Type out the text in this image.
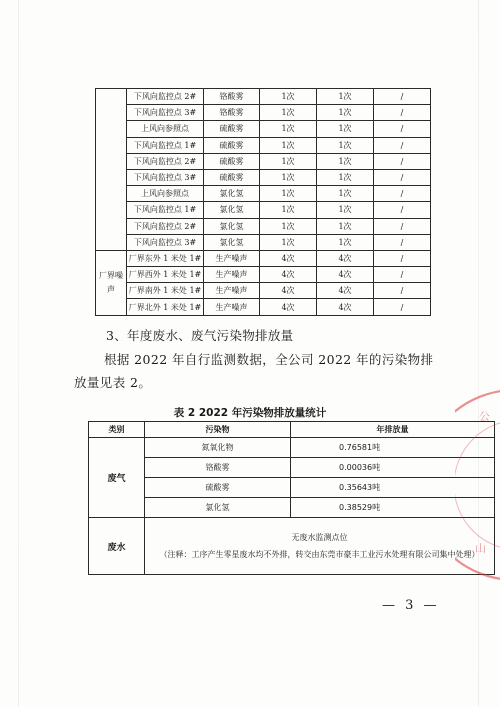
	下风向监控点 2#	铬酸雾	1次	1次	/
	下风向监控点 3#	铬酸雾	1次	1次	/
	上风向参照点	硫酸雾	1次	1次	/
	下风向监控点 1#	硫酸雾	1次	1次	/
	下风向监控点 2#	硫酸雾	1次	1次	/
	下风向监控点 3#	硫酸雾	1次	1次	/
	上风向参照点	氯化氢	1次	1次	/
	下风向监控点 1#	氯化氢	1次	1次	/
	下风向监控点 2#	氯化氢	1次	1次	/
	下风向监控点 3#	氯化氢	1次	1次	/
厂界噪声	厂界东外 1 米处 1#	生产噪声	4次	4次	/
	厂界西外 1 米处 1#	生产噪声	4次	4次	/
	厂界南外 1 米处 1#	生产噪声	4次	4次	/
	厂界北外 1 米处 1#	生产噪声	4次	4次	/
3、年度废水、废气污染物排放量
根据 2022 年自行监测数据，全公司 2022 年的污染物排放量见表 2。
表 2 2022 年污染物排放量统计
类别	污染物	年排放量
废气	氮氧化物	0.76581吨
	铬酸雾	0.00036吨
	硫酸雾	0.35643吨
	氯化氢	0.38529吨
废水	无废水监测点位
（注释：工序产生零星废水均不外排，转交由东莞市豪丰工业污水处理有限公司集中处理）	
— 3 —
公
山
